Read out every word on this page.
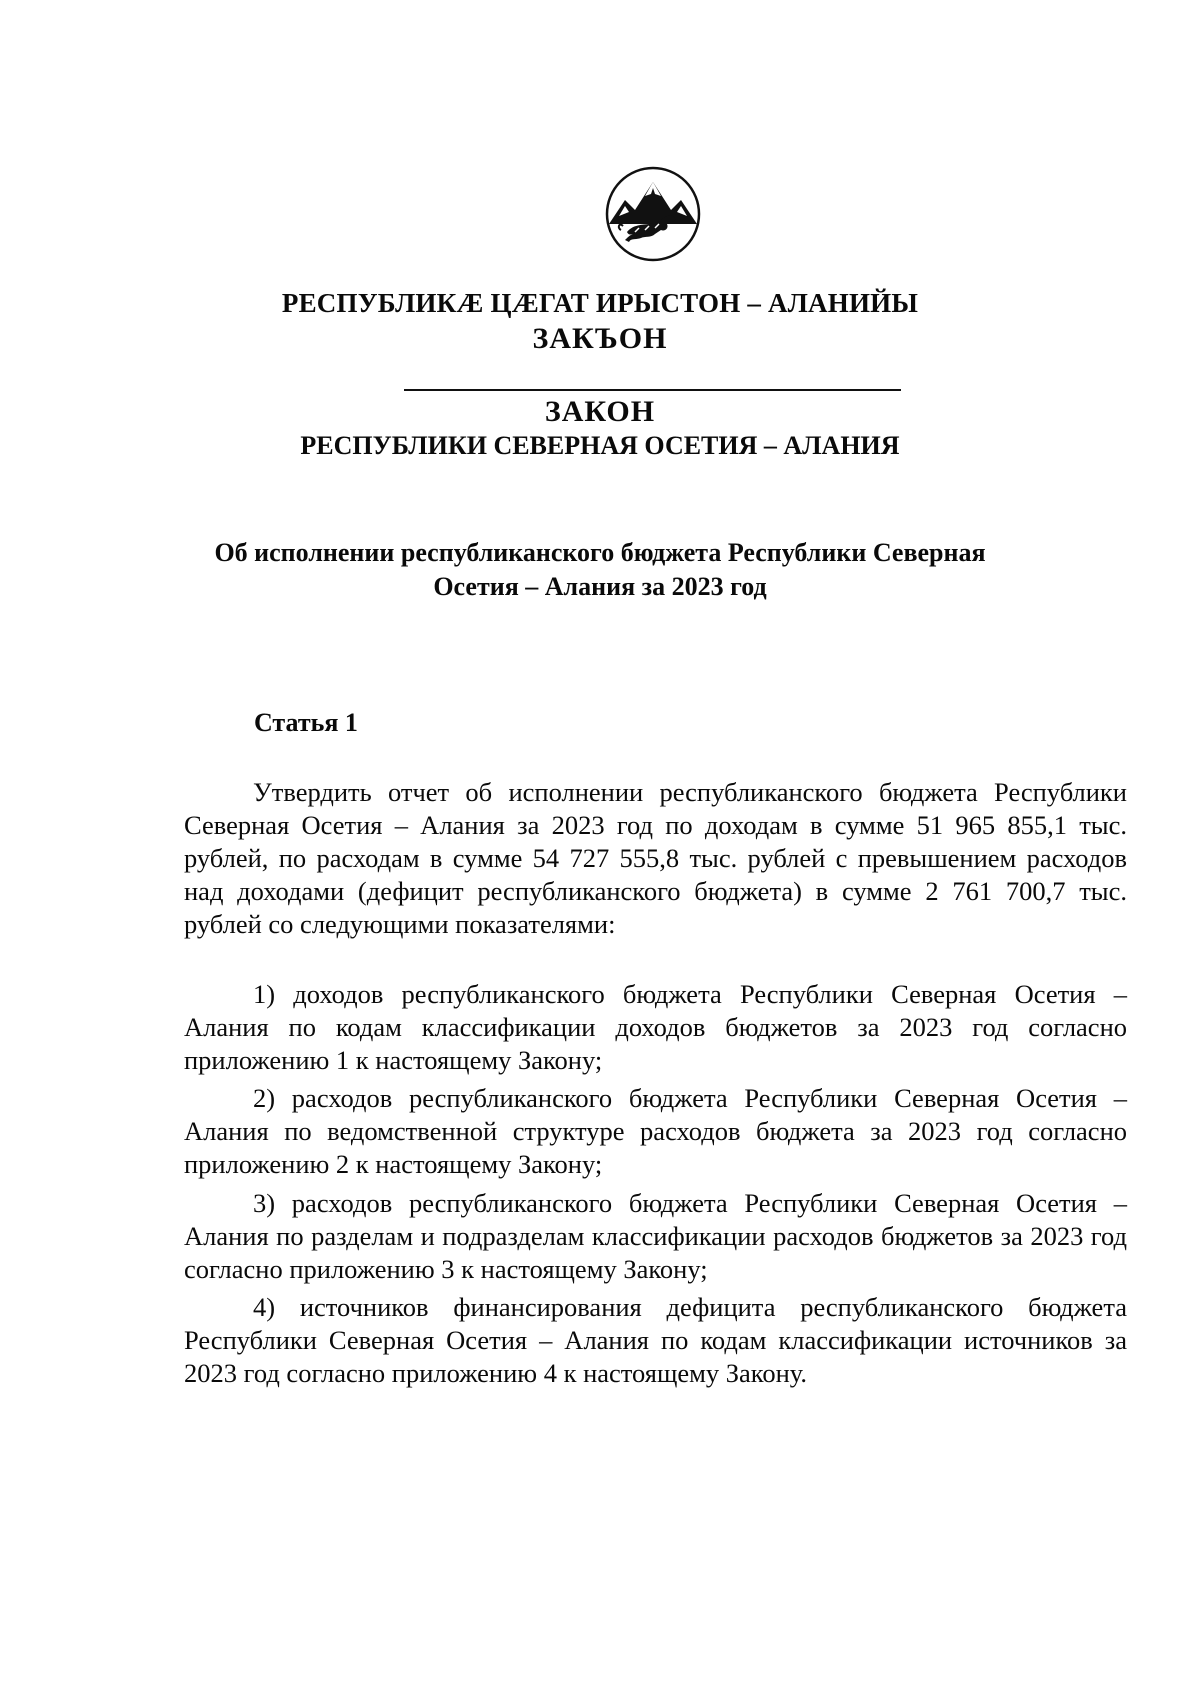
РЕСПУБЛИКӔ ЦӔГАТ ИРЫСТОН – АЛАНИЙЫ
ЗАКЪОН
ЗАКОН
РЕСПУБЛИКИ СЕВЕРНАЯ ОСЕТИЯ – АЛАНИЯ
Об исполнении республиканского бюджета Республики Северная
Осетия – Алания за 2023 год
Статья 1

Утвердить отчет об исполнении республиканского бюджета Республики Северная Осетия – Алания за 2023 год по доходам в сумме 51 965 855,1 тыс. рублей, по расходам в сумме 54 727 555,8 тыс. рублей с превышением расходов над доходами (дефицит республиканского бюджета) в сумме 2 761 700,7 тыс. рублей со следующими показателями:

1) доходов республиканского бюджета Республики Северная Осетия – Алания по кодам классификации доходов бюджетов за 2023 год согласно приложению 1 к настоящему Закону;

2) расходов республиканского бюджета Республики Северная Осетия – Алания по ведомственной структуре расходов бюджета за 2023 год согласно приложению 2 к настоящему Закону;

3) расходов республиканского бюджета Республики Северная Осетия – Алания по разделам и подразделам классификации расходов бюджетов за 2023 год согласно приложению 3 к настоящему Закону;

4) источников финансирования дефицита республиканского бюджета Республики Северная Осетия – Алания по кодам классификации источников за 2023 год согласно приложению 4 к настоящему Закону.
